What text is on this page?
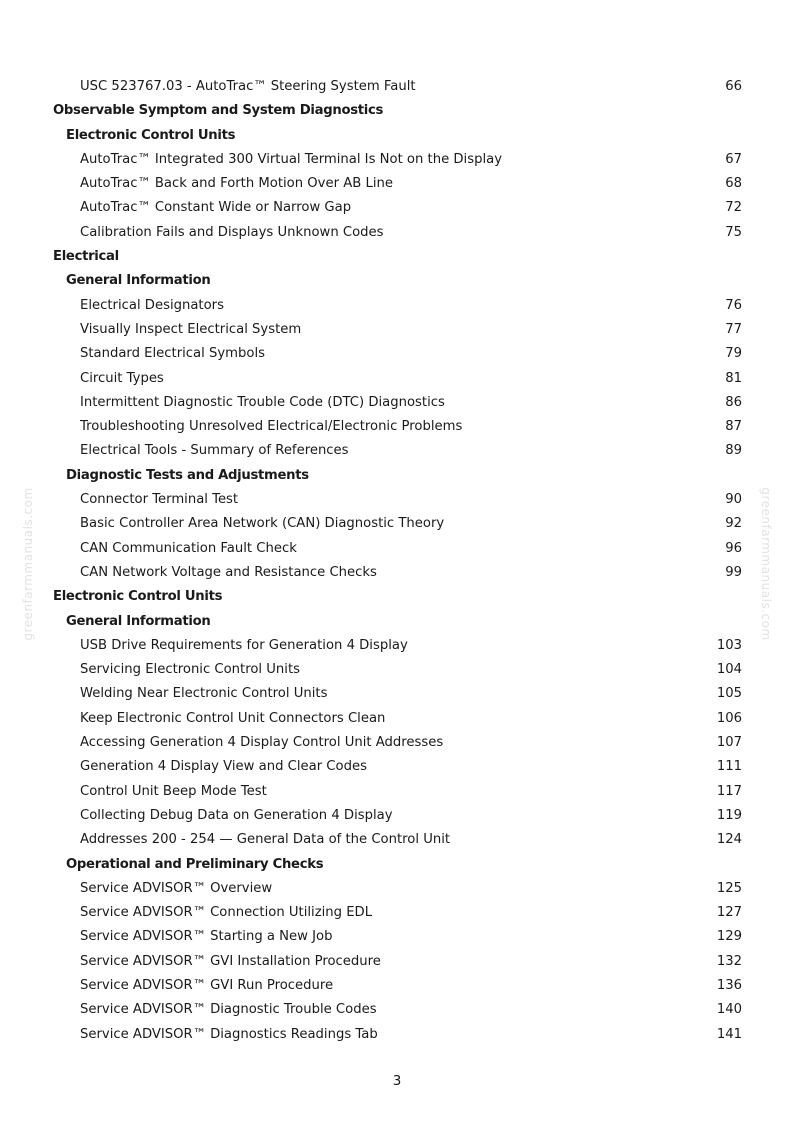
USC 523767.03 - AutoTrac™ Steering System Fault	66
Observable Symptom and System Diagnostics
Electronic Control Units
AutoTrac™ Integrated 300 Virtual Terminal Is Not on the Display	67
AutoTrac™ Back and Forth Motion Over AB Line	68
AutoTrac™ Constant Wide or Narrow Gap	72
Calibration Fails and Displays Unknown Codes	75
Electrical
General Information
Electrical Designators	76
Visually Inspect Electrical System	77
Standard Electrical Symbols	79
Circuit Types	81
Intermittent Diagnostic Trouble Code (DTC) Diagnostics	86
Troubleshooting Unresolved Electrical/Electronic Problems	87
Electrical Tools - Summary of References	89
Diagnostic Tests and Adjustments
Connector Terminal Test	90
Basic Controller Area Network (CAN) Diagnostic Theory	92
CAN Communication Fault Check	96
CAN Network Voltage and Resistance Checks	99
Electronic Control Units
General Information
USB Drive Requirements for Generation 4 Display	103
Servicing Electronic Control Units	104
Welding Near Electronic Control Units	105
Keep Electronic Control Unit Connectors Clean	106
Accessing Generation 4 Display Control Unit Addresses	107
Generation 4 Display View and Clear Codes	111
Control Unit Beep Mode Test	117
Collecting Debug Data on Generation 4 Display	119
Addresses 200 - 254 — General Data of the Control Unit	124
Operational and Preliminary Checks
Service ADVISOR™ Overview	125
Service ADVISOR™ Connection Utilizing EDL	127
Service ADVISOR™ Starting a New Job	129
Service ADVISOR™ GVI Installation Procedure	132
Service ADVISOR™ GVI Run Procedure	136
Service ADVISOR™ Diagnostic Trouble Codes	140
Service ADVISOR™ Diagnostics Readings Tab	141
greenfarmmanuals.com	greenfarmmanuals.com
3
